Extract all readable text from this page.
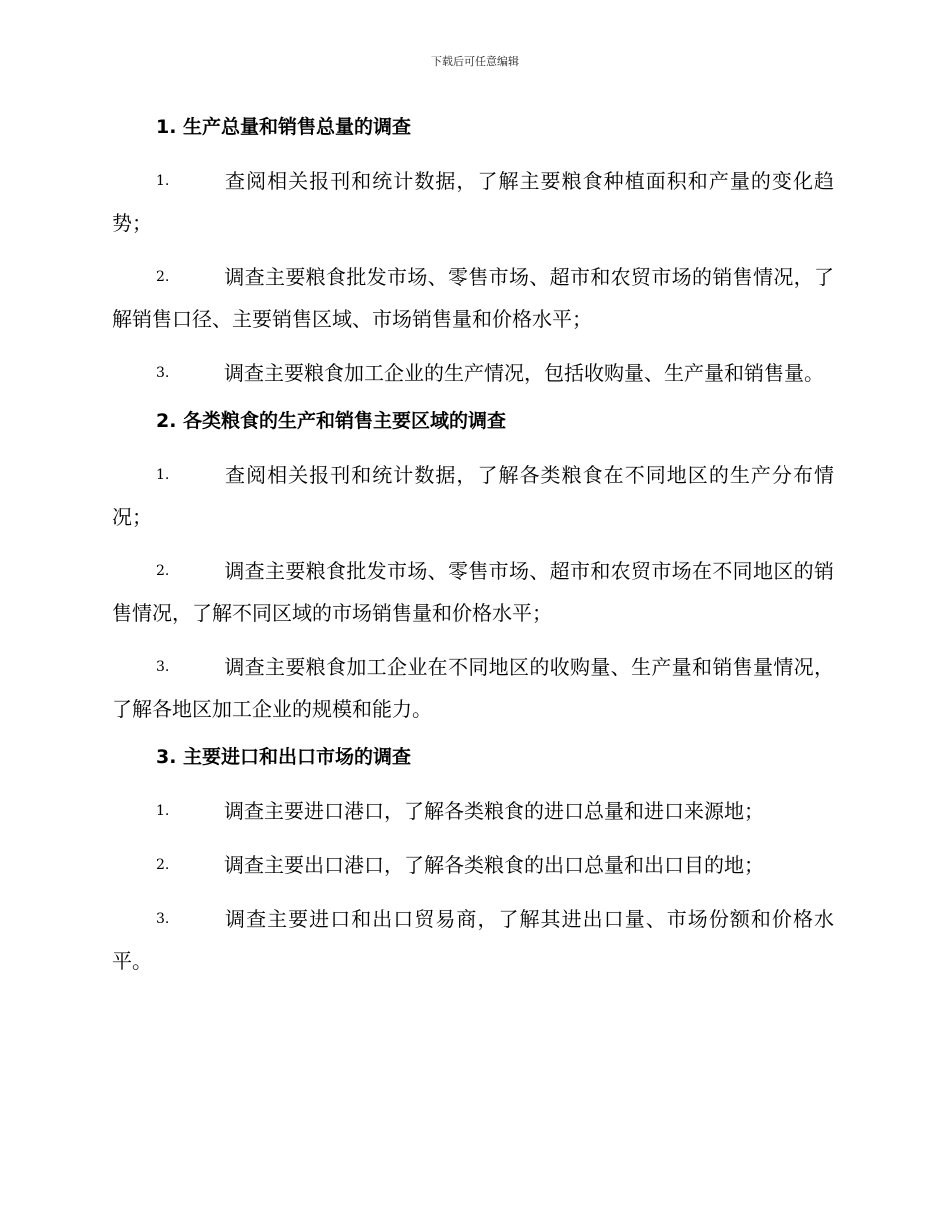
下载后可任意编辑
1. 生产总量和销售总量的调查
1.	查阅相关报刊和统计数据，了解主要粮食种植面积和产量的变化趋势；
2.	调查主要粮食批发市场、零售市场、超市和农贸市场的销售情况，了解销售口径、主要销售区域、市场销售量和价格水平；
3.	调查主要粮食加工企业的生产情况，包括收购量、生产量和销售量。
2. 各类粮食的生产和销售主要区域的调查
1.	查阅相关报刊和统计数据，了解各类粮食在不同地区的生产分布情况；
2.	调查主要粮食批发市场、零售市场、超市和农贸市场在不同地区的销售情况，了解不同区域的市场销售量和价格水平；
3.	调查主要粮食加工企业在不同地区的收购量、生产量和销售量情况，了解各地区加工企业的规模和能力。
3. 主要进口和出口市场的调查
1.	调查主要进口港口，了解各类粮食的进口总量和进口来源地；
2.	调查主要出口港口，了解各类粮食的出口总量和出口目的地；
3.	调查主要进口和出口贸易商，了解其进出口量、市场份额和价格水平。
